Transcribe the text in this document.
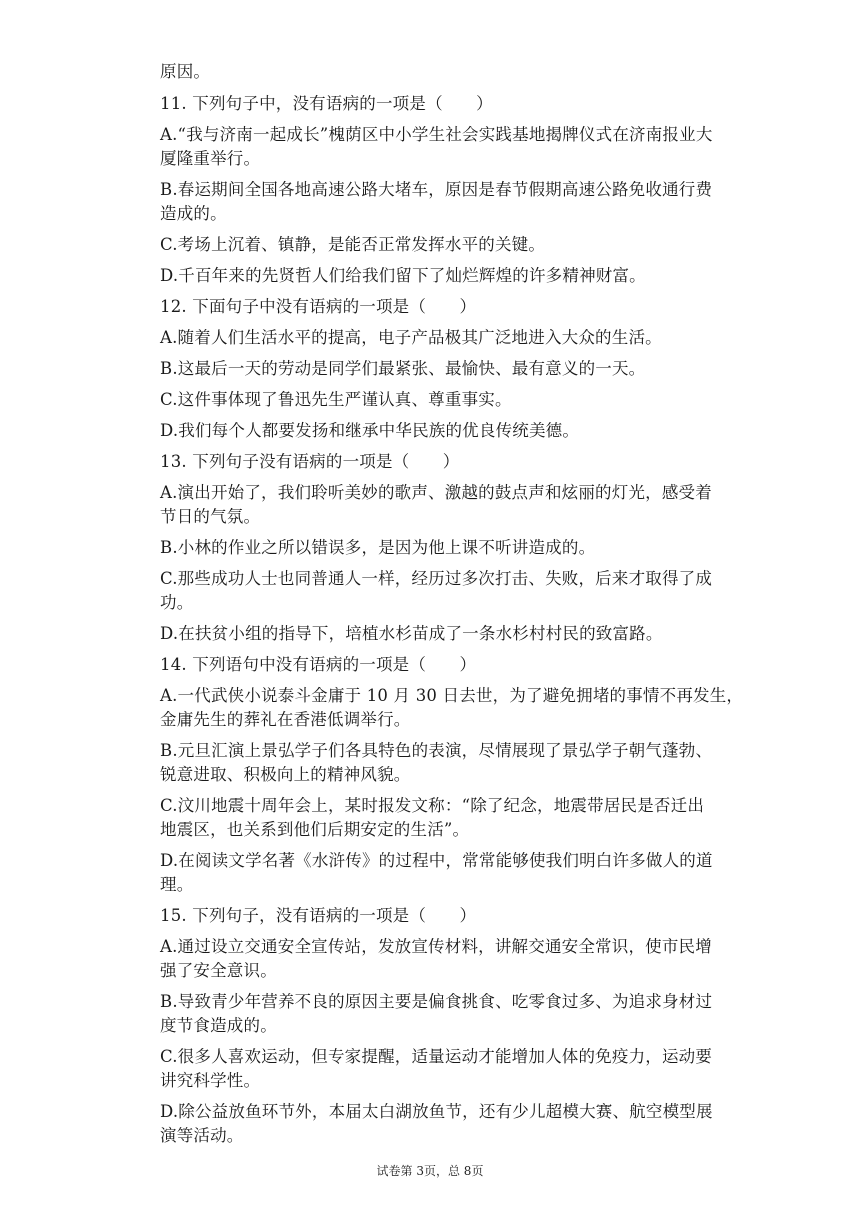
原因。
11. 下列句子中，没有语病的一项是（　　）
A.“我与济南一起成长”槐荫区中小学生社会实践基地揭牌仪式在济南报业大
厦隆重举行。
B.春运期间全国各地高速公路大堵车，原因是春节假期高速公路免收通行费
造成的。
C.考场上沉着、镇静，是能否正常发挥水平的关键。
D.千百年来的先贤哲人们给我们留下了灿烂辉煌的许多精神财富。
12. 下面句子中没有语病的一项是（　　）
A.随着人们生活水平的提高，电子产品极其广泛地进入大众的生活。
B.这最后一天的劳动是同学们最紧张、最愉快、最有意义的一天。
C.这件事体现了鲁迅先生严谨认真、尊重事实。
D.我们每个人都要发扬和继承中华民族的优良传统美德。
13. 下列句子没有语病的一项是（　　）
A.演出开始了，我们聆听美妙的歌声、激越的鼓点声和炫丽的灯光，感受着
节日的气氛。
B.小林的作业之所以错误多，是因为他上课不听讲造成的。
C.那些成功人士也同普通人一样，经历过多次打击、失败，后来才取得了成
功。
D.在扶贫小组的指导下，培植水杉苗成了一条水杉村村民的致富路。
14. 下列语句中没有语病的一项是（　　）
A.一代武侠小说泰斗金庸于 10 月 30 日去世，为了避免拥堵的事情不再发生，
金庸先生的葬礼在香港低调举行。
B.元旦汇演上景弘学子们各具特色的表演，尽情展现了景弘学子朝气蓬勃、
锐意进取、积极向上的精神风貌。
C.汶川地震十周年会上，某时报发文称：“除了纪念，地震带居民是否迁出
地震区，也关系到他们后期安定的生活”。
D.在阅读文学名著《水浒传》的过程中，常常能够使我们明白许多做人的道
理。
15. 下列句子，没有语病的一项是（　　）
A.通过设立交通安全宣传站，发放宣传材料，讲解交通安全常识，使市民增
强了安全意识。
B.导致青少年营养不良的原因主要是偏食挑食、吃零食过多、为追求身材过
度节食造成的。
C.很多人喜欢运动，但专家提醒，适量运动才能增加人体的免疫力，运动要
讲究科学性。
D.除公益放鱼环节外，本届太白湖放鱼节，还有少儿超模大赛、航空模型展
演等活动。
试卷第 3页，总 8页
